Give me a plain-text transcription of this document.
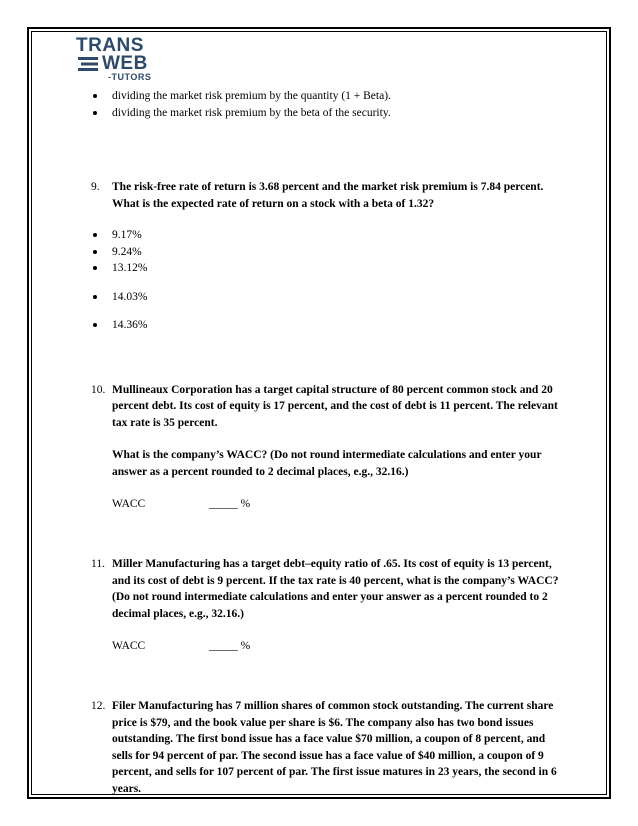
TRANS
WEB
-TUTORS
dividing the market risk premium by the quantity (1 + Beta).
dividing the market risk premium by the beta of the security.
9. The risk-free rate of return is 3.68 percent and the market risk premium is 7.84 percent. What is the expected rate of return on a stock with a beta of 1.32?

9.17%
9.24%
13.12%
14.03%
14.36%
10. Mullineaux Corporation has a target capital structure of 80 percent common stock and 20 percent debt. Its cost of equity is 17 percent, and the cost of debt is 11 percent. The relevant tax rate is 35 percent.

What is the company’s WACC? (Do not round intermediate calculations and enter your answer as a percent rounded to 2 decimal places, e.g., 32.16.)

WACC	_____ %
11. Miller Manufacturing has a target debt–equity ratio of .65. Its cost of equity is 13 percent, and its cost of debt is 9 percent. If the tax rate is 40 percent, what is the company’s WACC? (Do not round intermediate calculations and enter your answer as a percent rounded to 2 decimal places, e.g., 32.16.)

WACC	_____ %
12. Filer Manufacturing has 7 million shares of common stock outstanding. The current share price is $79, and the book value per share is $6. The company also has two bond issues outstanding. The first bond issue has a face value $70 million, a coupon of 8 percent, and sells for 94 percent of par. The second issue has a face value of $40 million, a coupon of 9 percent, and sells for 107 percent of par. The first issue matures in 23 years, the second in 6 years.
